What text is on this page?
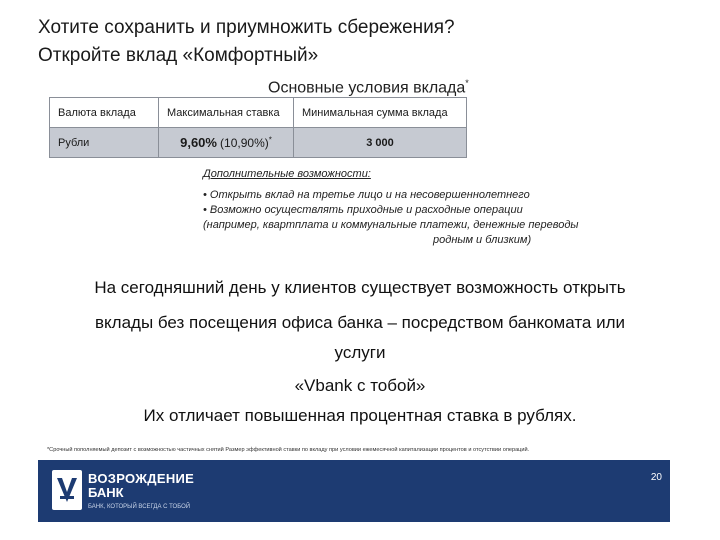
Хотите сохранить и приумножить сбережения?
Откройте вклад «Комфортный»
Основные условия вклада*
Валюта вклада	Максимальная ставка	Минимальная сумма вклада
Рубли	9,60% (10,90%)*	3 000
Дополнительные возможности:
• Открыть вклад на третье лицо и на несовершеннолетнего
• Возможно осуществлять приходные и расходные операции
(например, квартплата и коммунальные платежи, денежные переводы
родным и близким)
На сегодняшний день у клиентов существует возможность открыть
вклады без посещения офиса банка – посредством банкомата или
услуги
«Vbank с тобой»
Их отличает повышенная процентная ставка в рублях.
*Срочный пополняемый депозит с возможностью частичных снятий Размер эффективной ставки по вкладу при условии ежемесячной капитализации процентов и отсутствии операций.
ВОЗРОЖДЕНИЕ
БАНК
БАНК, КОТОРЫЙ ВСЕГДА С ТОБОЙ
20
